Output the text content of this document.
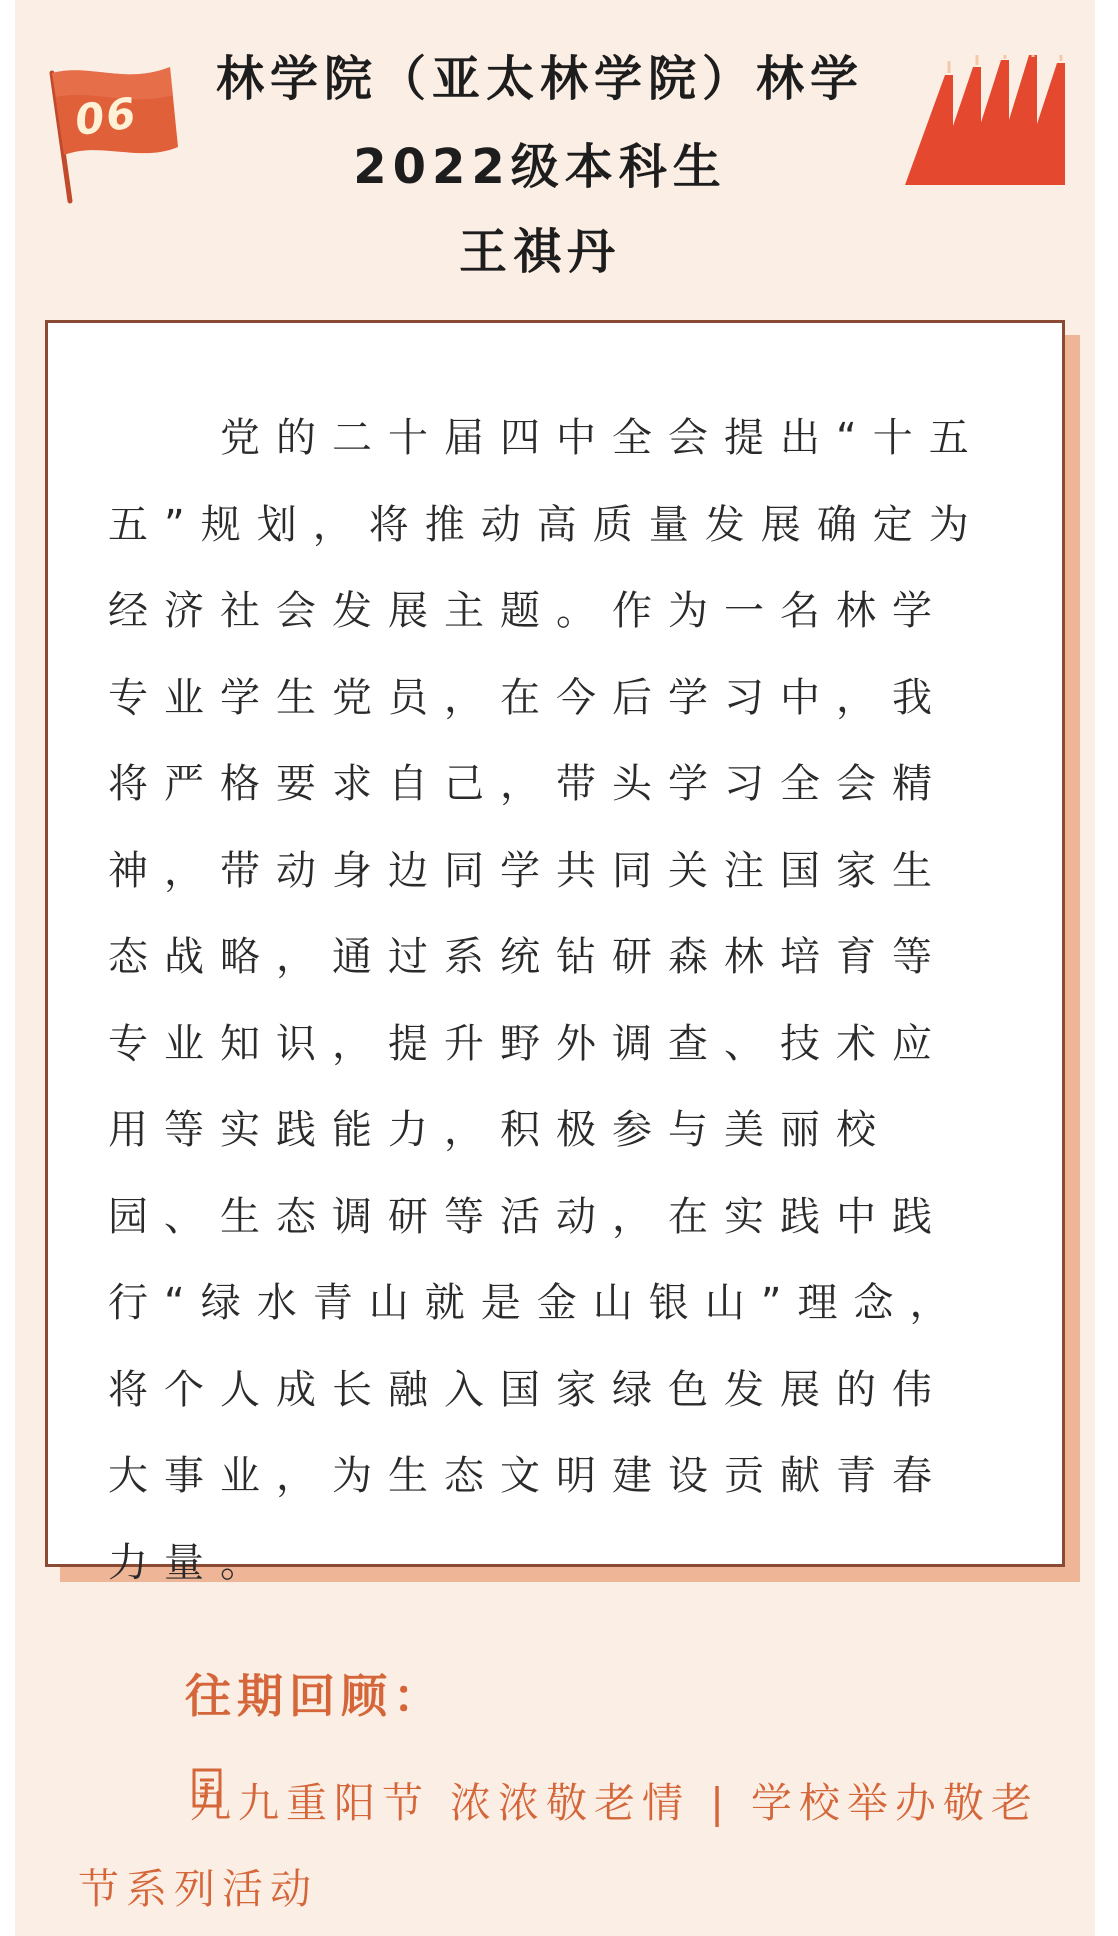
06
林学院（亚太林学院）林学
2022级本科生
王祺丹
党的二十届四中全会提出“十五五”规划，将推动高质量发展确定为经济社会发展主题。作为一名林学专业学生党员，在今后学习中，我将严格要求自己，带头学习全会精神，带动身边同学共同关注国家生态战略，通过系统钻研森林培育等专业知识，提升野外调查、技术应用等实践能力，积极参与美丽校园、生态调研等活动，在实践中践行“绿水青山就是金山银山”理念，将个人成长融入国家绿色发展的伟大事业，为生态文明建设贡献青春力量。
往期回顾：
九九重阳节 浓浓敬老情 | 学校举办敬老节系列活动
